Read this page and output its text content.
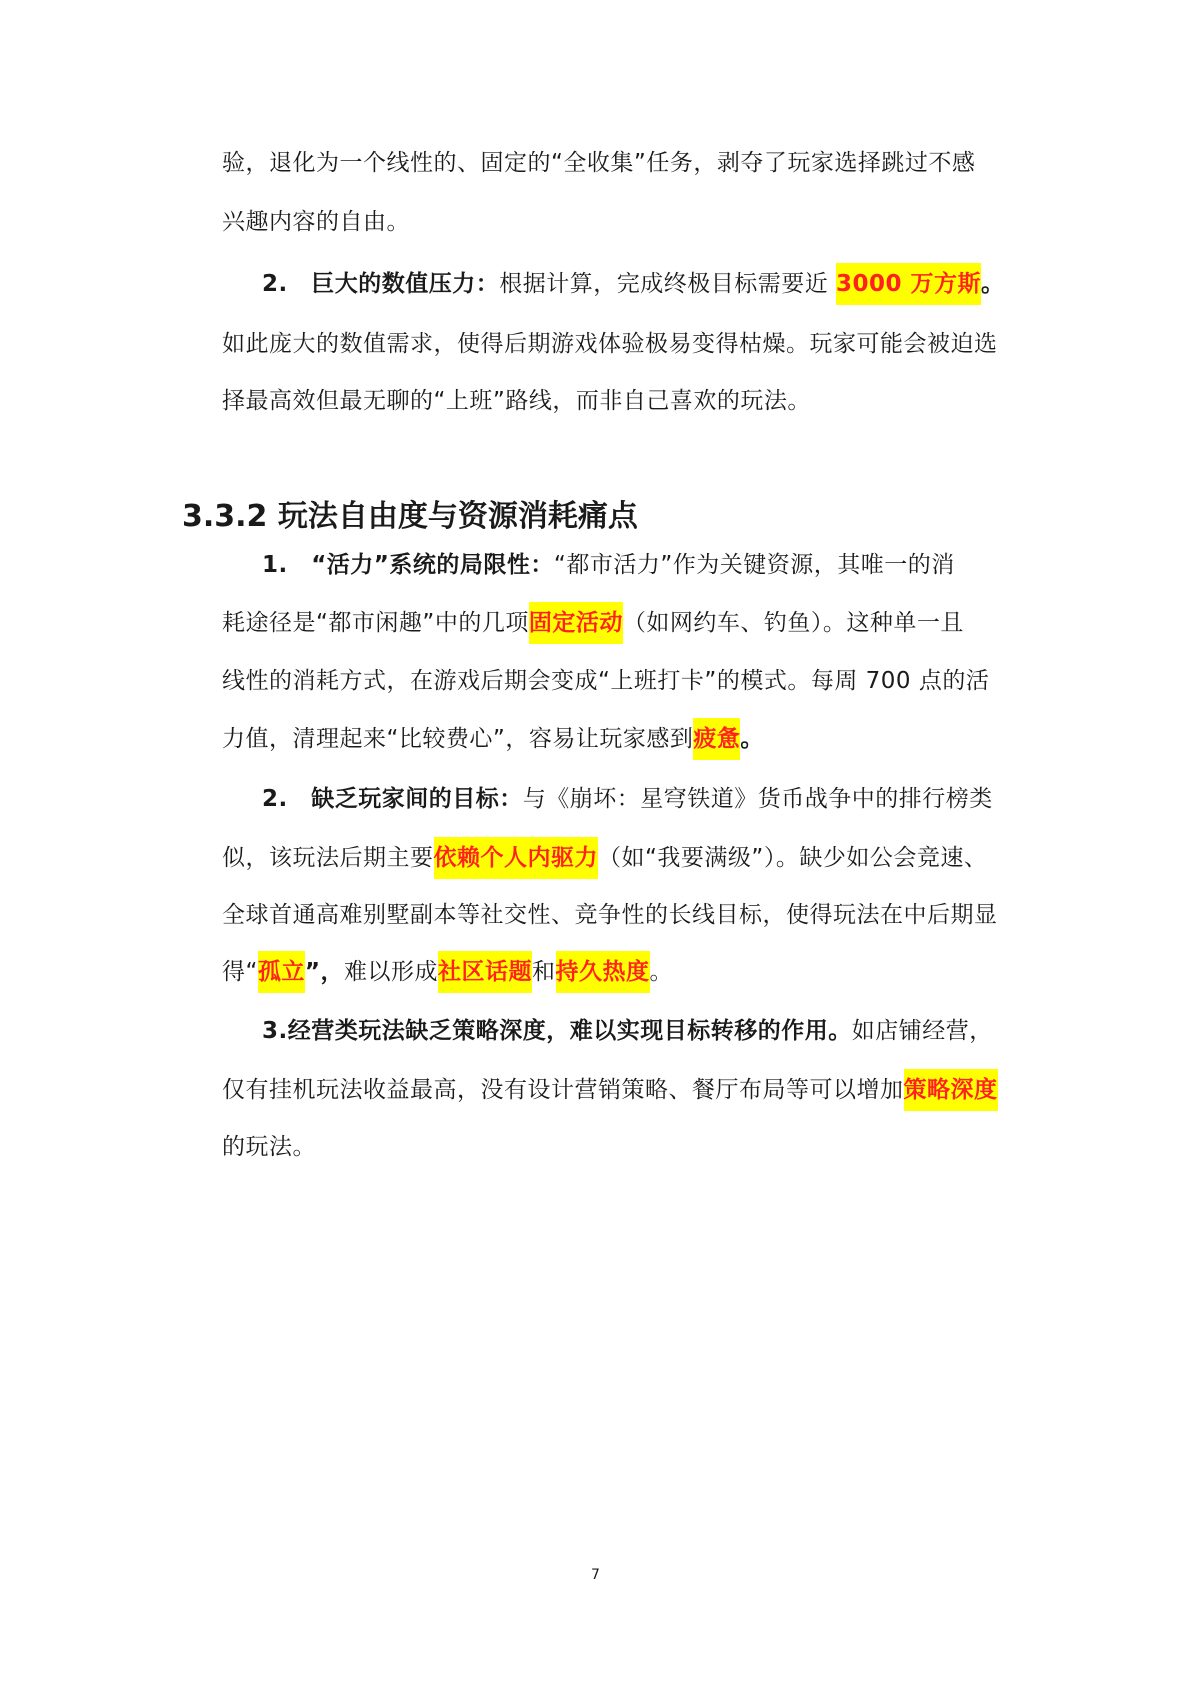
验，退化为一个线性的、固定的“全收集”任务，剥夺了玩家选择跳过不感
兴趣内容的自由。
2. 巨大的数值压力：根据计算，完成终极目标需要近 3000 万方斯。
如此庞大的数值需求，使得后期游戏体验极易变得枯燥。玩家可能会被迫选
择最高效但最无聊的“上班”路线，而非自己喜欢的玩法。
3.3.2 玩法自由度与资源消耗痛点
1. “活力”系统的局限性：“都市活力”作为关键资源，其唯一的消
耗途径是“都市闲趣”中的几项固定活动（如网约车、钓鱼）。这种单一且
线性的消耗方式，在游戏后期会变成“上班打卡”的模式。每周 700 点的活
力值，清理起来“比较费心”，容易让玩家感到疲惫。
2. 缺乏玩家间的目标：与《崩坏：星穹铁道》货币战争中的排行榜类
似，该玩法后期主要依赖个人内驱力（如“我要满级”）。缺少如公会竞速、
全球首通高难别墅副本等社交性、竞争性的长线目标，使得玩法在中后期显
得“孤立”，难以形成社区话题和持久热度。
3.经营类玩法缺乏策略深度，难以实现目标转移的作用。如店铺经营，
仅有挂机玩法收益最高，没有设计营销策略、餐厅布局等可以增加策略深度
的玩法。
7
